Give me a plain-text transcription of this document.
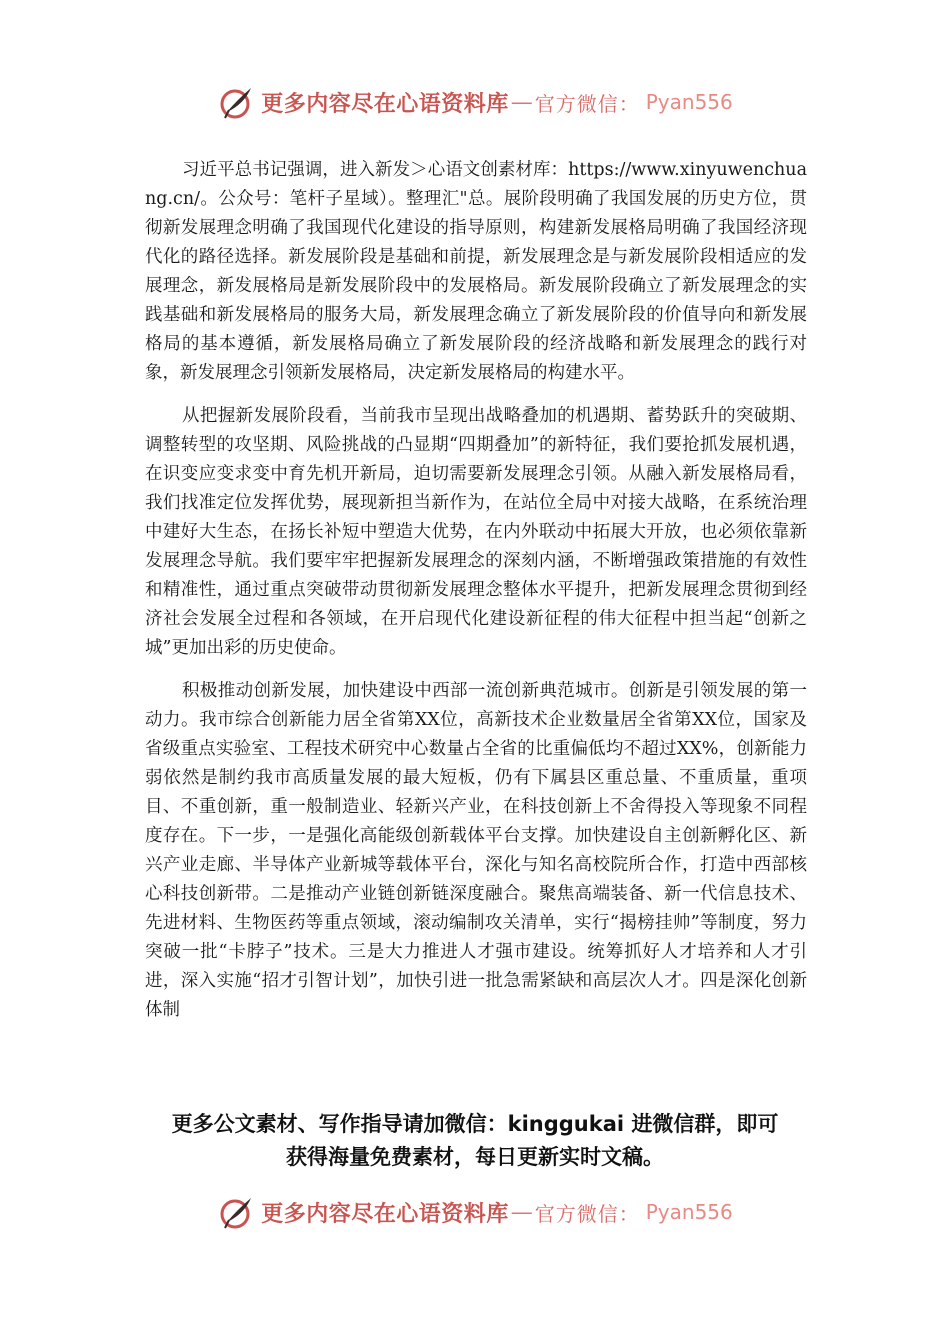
更多内容尽在心语资料库 — 官方微信： Pyan556

习近平总书记强调，进入新发＞心语文创素材库：https://www.xinyuwenchuang.cn/。公众号：笔杆子星域）。整理汇"总。展阶段明确了我国发展的历史方位，贯彻新发展理念明确了我国现代化建设的指导原则，构建新发展格局明确了我国经济现代化的路径选择。新发展阶段是基础和前提，新发展理念是与新发展阶段相适应的发展理念，新发展格局是新发展阶段中的发展格局。新发展阶段确立了新发展理念的实践基础和新发展格局的服务大局，新发展理念确立了新发展阶段的价值导向和新发展格局的基本遵循，新发展格局确立了新发展阶段的经济战略和新发展理念的践行对象，新发展理念引领新发展格局，决定新发展格局的构建水平。

从把握新发展阶段看，当前我市呈现出战略叠加的机遇期、蓄势跃升的突破期、调整转型的攻坚期、风险挑战的凸显期“四期叠加”的新特征，我们要抢抓发展机遇，在识变应变求变中育先机开新局，迫切需要新发展理念引领。从融入新发展格局看，我们找准定位发挥优势，展现新担当新作为，在站位全局中对接大战略，在系统治理中建好大生态，在扬长补短中塑造大优势，在内外联动中拓展大开放，也必须依靠新发展理念导航。我们要牢牢把握新发展理念的深刻内涵，不断增强政策措施的有效性和精准性，通过重点突破带动贯彻新发展理念整体水平提升，把新发展理念贯彻到经济社会发展全过程和各领域，在开启现代化建设新征程的伟大征程中担当起“创新之城”更加出彩的历史使命。

积极推动创新发展，加快建设中西部一流创新典范城市。创新是引领发展的第一动力。我市综合创新能力居全省第XX位，高新技术企业数量居全省第XX位，国家及省级重点实验室、工程技术研究中心数量占全省的比重偏低均不超过XX%，创新能力弱依然是制约我市高质量发展的最大短板，仍有下属县区重总量、不重质量，重项目、不重创新，重一般制造业、轻新兴产业，在科技创新上不舍得投入等现象不同程度存在。下一步，一是强化高能级创新载体平台支撑。加快建设自主创新孵化区、新兴产业走廊、半导体产业新城等载体平台，深化与知名高校院所合作，打造中西部核心科技创新带。二是推动产业链创新链深度融合。聚焦高端装备、新一代信息技术、先进材料、生物医药等重点领域，滚动编制攻关清单，实行“揭榜挂帅”等制度，努力突破一批“卡脖子”技术。三是大力推进人才强市建设。统筹抓好人才培养和人才引进，深入实施“招才引智计划”，加快引进一批急需紧缺和高层次人才。四是深化创新体制

更多公文素材、写作指导请加微信：kinggukai 进微信群，即可
获得海量免费素材，每日更新实时文稿。
更多内容尽在心语资料库 — 官方微信： Pyan556
